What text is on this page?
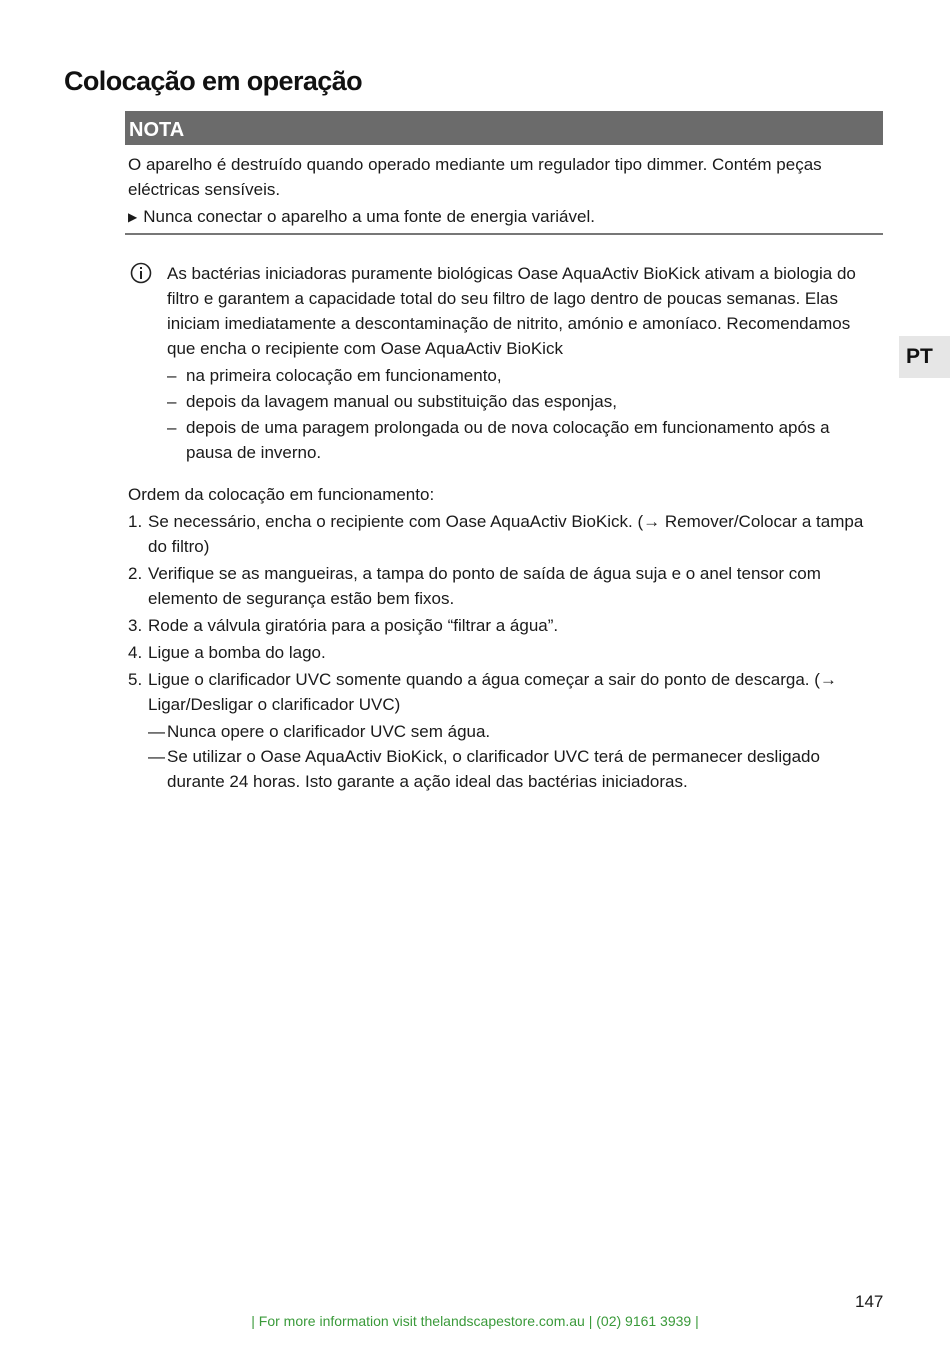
Colocação em operação
NOTA
O aparelho é destruído quando operado mediante um regulador tipo dimmer. Contém peças eléctricas sensíveis.
▶ Nunca conectar o aparelho a uma fonte de energia variável.
As bactérias iniciadoras puramente biológicas Oase AquaActiv BioKick ativam a biologia do filtro e garantem a capacidade total do seu filtro de lago dentro de poucas semanas. Elas iniciam imediatamente a descontaminação de nitrito, amónio e amoníaco. Recomendamos que encha o recipiente com Oase AquaActiv BioKick
– na primeira colocação em funcionamento,
– depois da lavagem manual ou substituição das esponjas,
– depois de uma paragem prolongada ou de nova colocação em funcionamento após a pausa de inverno.
PT
Ordem da colocação em funcionamento:
1. Se necessário, encha o recipiente com Oase AquaActiv BioKick. (→ Remover/Colocar a tampa do filtro)
2. Verifique se as mangueiras, a tampa do ponto de saída de água suja e o anel tensor com elemento de segurança estão bem fixos.
3. Rode a válvula giratória para a posição “filtrar a água”.
4. Ligue a bomba do lago.
5. Ligue o clarificador UVC somente quando a água começar a sair do ponto de descarga. (→ Ligar/Desligar o clarificador UVC)
— Nunca opere o clarificador UVC sem água.
— Se utilizar o Oase AquaActiv BioKick, o clarificador UVC terá de permanecer desligado durante 24 horas. Isto garante a ação ideal das bactérias iniciadoras.
147
| For more information visit thelandscapestore.com.au | (02) 9161 3939 |
